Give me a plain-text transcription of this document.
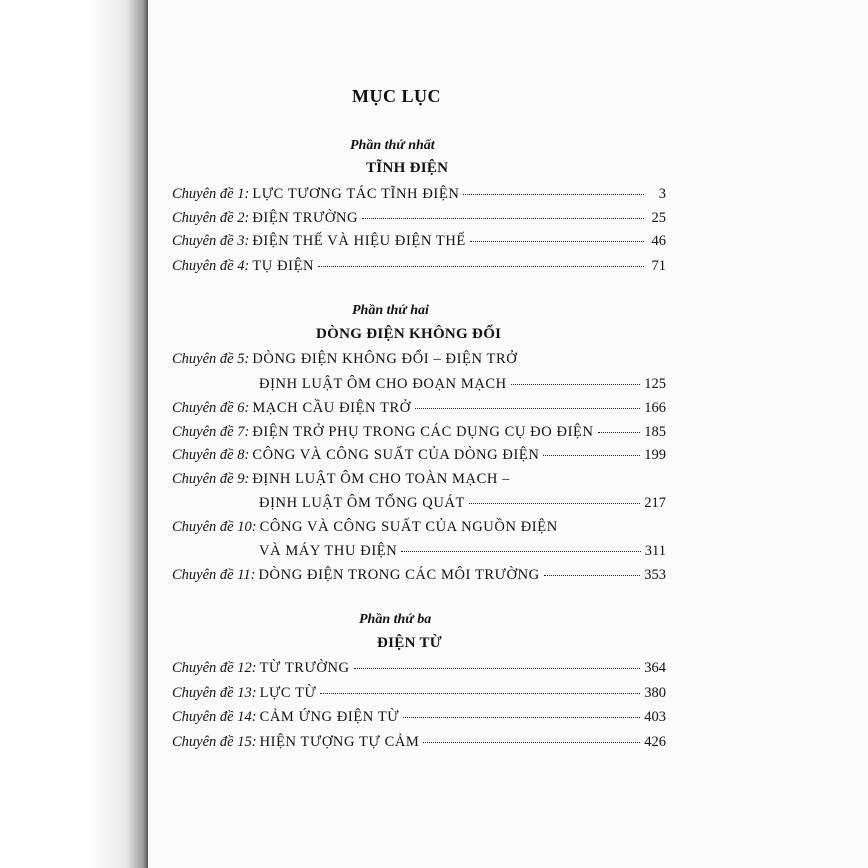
MỤC LỤC
Phần thứ nhất
TĨNH ĐIỆN
Chuyên đề 1: LỰC TƯƠNG TÁC TĨNH ĐIỆN	3
Chuyên đề 2: ĐIỆN TRƯỜNG	25
Chuyên đề 3: ĐIỆN THẾ VÀ HIỆU ĐIỆN THẾ	46
Chuyên đề 4: TỤ ĐIỆN	71
Phần thứ hai
DÒNG ĐIỆN KHÔNG ĐỔI
Chuyên đề 5: DÒNG ĐIỆN KHÔNG ĐỔI – ĐIỆN TRỞ
ĐỊNH LUẬT ÔM CHO ĐOẠN MẠCH	125
Chuyên đề 6: MẠCH CẦU ĐIỆN TRỞ	166
Chuyên đề 7: ĐIỆN TRỞ PHỤ TRONG CÁC DỤNG CỤ ĐO ĐIỆN	185
Chuyên đề 8: CÔNG VÀ CÔNG SUẤT CỦA DÒNG ĐIỆN	199
Chuyên đề 9: ĐỊNH LUẬT ÔM CHO TOÀN MẠCH –
ĐỊNH LUẬT ÔM TỔNG QUÁT	217
Chuyên đề 10: CÔNG VÀ CÔNG SUẤT CỦA NGUỒN ĐIỆN
VÀ MÁY THU ĐIỆN	311
Chuyên đề 11: DÒNG ĐIỆN TRONG CÁC MÔI TRƯỜNG	353
Phần thứ ba
ĐIỆN TỪ
Chuyên đề 12: TỪ TRƯỜNG	364
Chuyên đề 13: LỰC TỪ	380
Chuyên đề 14: CẢM ỨNG ĐIỆN TỪ	403
Chuyên đề 15: HIỆN TƯỢNG TỰ CẢM	426
